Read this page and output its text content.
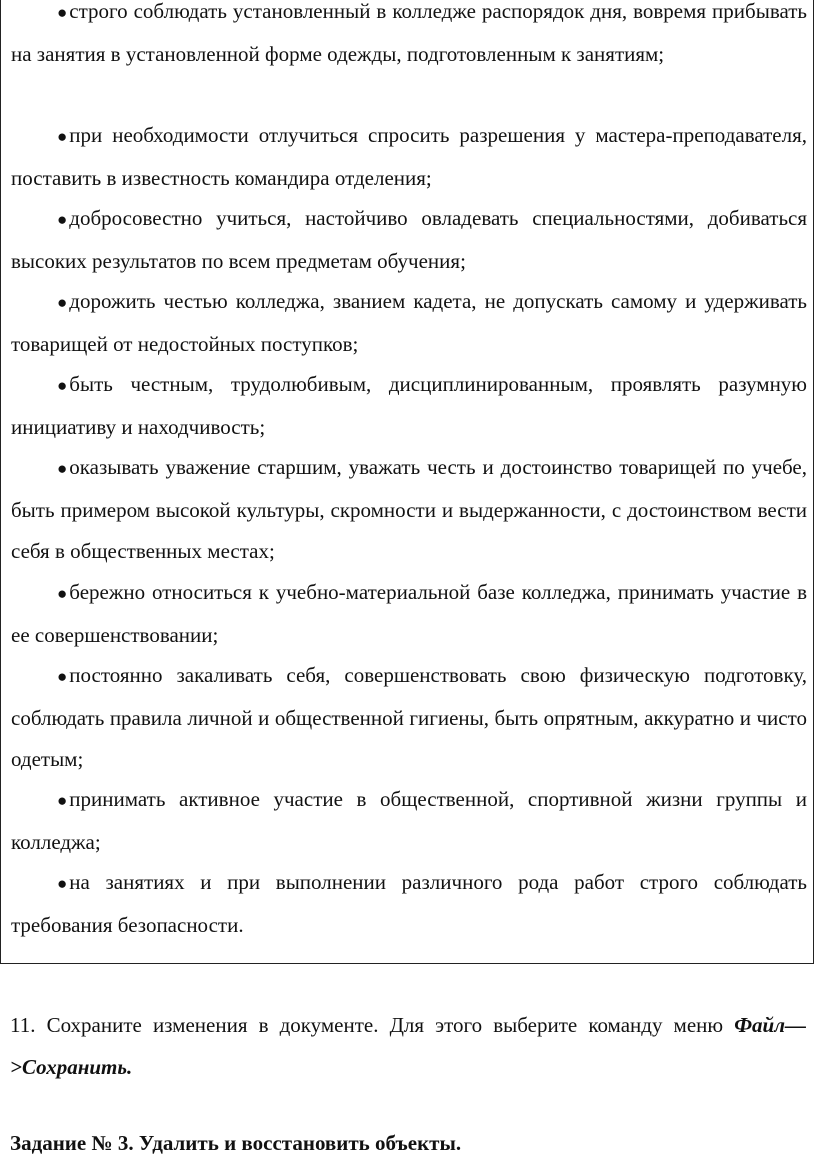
●строго соблюдать установленный в колледже распорядок дня, вовремя прибывать на занятия в установленной форме одежды, подготовленным к занятиям;
●при необходимости отлучиться спросить разрешения у мастера-преподавателя, поставить в известность командира отделения;
●добросовестно учиться, настойчиво овладевать специальностями, добиваться высоких результатов по всем предметам обучения;
●дорожить честью колледжа, званием кадета, не допускать самому и удерживать товарищей от недостойных поступков;
●быть честным, трудолюбивым, дисциплинированным, проявлять разумную инициативу и находчивость;
●оказывать уважение старшим, уважать честь и достоинство товарищей по учебе, быть примером высокой культуры, скромности и выдержанности, с достоинством вести себя в общественных местах;
●бережно относиться к учебно-материальной базе колледжа, принимать участие в ее совершенствовании;
●постоянно закаливать себя, совершенствовать свою физическую подготовку, соблюдать правила личной и общественной гигиены, быть опрятным, аккуратно и чисто одетым;
●принимать активное участие в общественной, спортивной жизни группы и колледжа;
●на занятиях и при выполнении различного рода работ строго соблюдать требования безопасности.

11. Сохраните изменения в документе. Для этого выберите команду меню Файл—>Сохранить.

Задание № 3. Удалить и восстановить объекты.
